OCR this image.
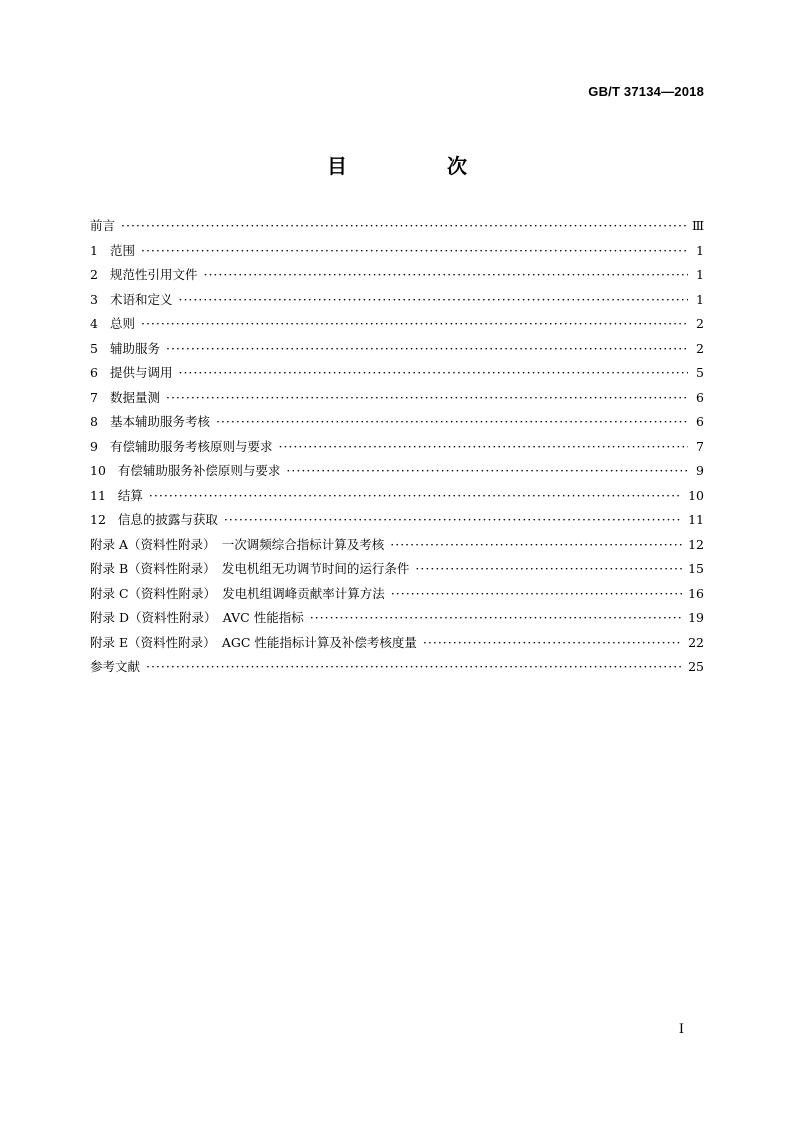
GB/T 37134—2018
目　次
前言 ·····	Ⅲ
1 范围 ·····	1
2 规范性引用文件 ·····	1
3 术语和定义 ·····	1
4 总则 ·····	2
5 辅助服务 ·····	2
6 提供与调用 ·····	5
7 数据量测 ·····	6
8 基本辅助服务考核 ·····	6
9 有偿辅助服务考核原则与要求 ·····	7
10 有偿辅助服务补偿原则与要求 ·····	9
11 结算 ·····	10
12 信息的披露与获取 ·····	11
附录 A（资料性附录）　一次调频综合指标计算及考核 ·····	12
附录 B（资料性附录）　发电机组无功调节时间的运行条件 ·····	15
附录 C（资料性附录）　发电机组调峰贡献率计算方法 ·····	16
附录 D（资料性附录）　AVC 性能指标 ·····	19
附录 E（资料性附录）　AGC 性能指标计算及补偿考核度量 ·····	22
参考文献 ·····	25
I
